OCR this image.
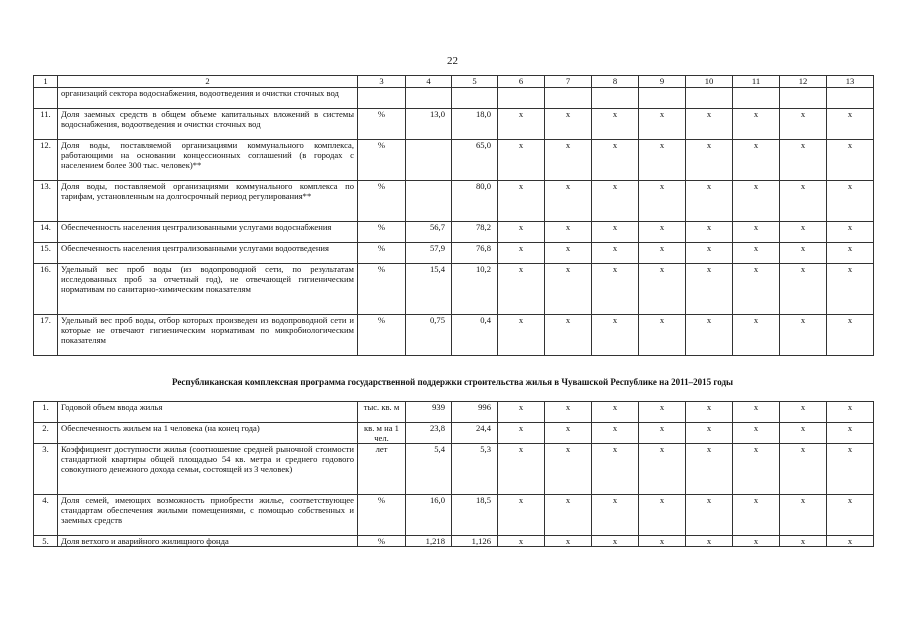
22
1	2	3	4	5	6	7	8	9	10	11	12	13
	организаций сектора водоснабжения, водоотведения и очистки сточных вод											
11.	Доля заемных средств в общем объеме капитальных вложений в системы водоснабжения, водоотведения и очистки сточных вод	%	13,0	18,0	x	x	x	x	x	x	x	x
12.	Доля воды, поставляемой организациями коммунального комплекса, работающими на основании концессионных соглашений (в городах с населением более 300 тыс. человек)**	%		65,0	x	x	x	x	x	x	x	x
13.	Доля воды, поставляемой организациями коммунального комплекса по тарифам, установленным на долгосрочный период регулирования**	%		80,0	x	x	x	x	x	x	x	x
14.	Обеспеченность населения централизованными услугами водоснабжения	%	56,7	78,2	x	x	x	x	x	x	x	x
15.	Обеспеченность населения централизованными услугами водоотведения	%	57,9	76,8	x	x	x	x	x	x	x	x
16.	Удельный вес проб воды (из водопроводной сети, по результатам исследованных проб за отчетный год), не отвечающей гигиеническим нормативам по санитарно-химическим показателям	%	15,4	10,2	x	x	x	x	x	x	x	x
17.	Удельный вес проб воды, отбор которых произведен из водопроводной сети и которые не отвечают гигиеническим нормативам по микробиологическим показателям	%	0,75	0,4	x	x	x	x	x	x	x	x
Республиканская комплексная программа государственной поддержки строительства жилья в Чувашской Республике на 2011–2015 годы
1.	Годовой объем ввода жилья	тыс. кв. м	939	996	x	x	x	x	x	x	x	x
2.	Обеспеченность жильем на 1 человека (на конец года)	кв. м на 1 чел.	23,8	24,4	x	x	x	x	x	x	x	x
3.	Коэффициент доступности жилья (соотношение средней рыночной стоимости стандартной квартиры общей площадью 54 кв. метра и среднего годового совокупного денежного дохода семьи, состоящей из 3 человек)	лет	5,4	5,3	x	x	x	x	x	x	x	x
4.	Доля семей, имеющих возможность приобрести жилье, соответствующее стандартам обеспечения жилыми помещениями, с помощью собственных и заемных средств	%	16,0	18,5	x	x	x	x	x	x	x	x
5.	Доля ветхого и аварийного жилищного фонда	%	1,218	1,126	x	x	x	x	x	x	x	x
